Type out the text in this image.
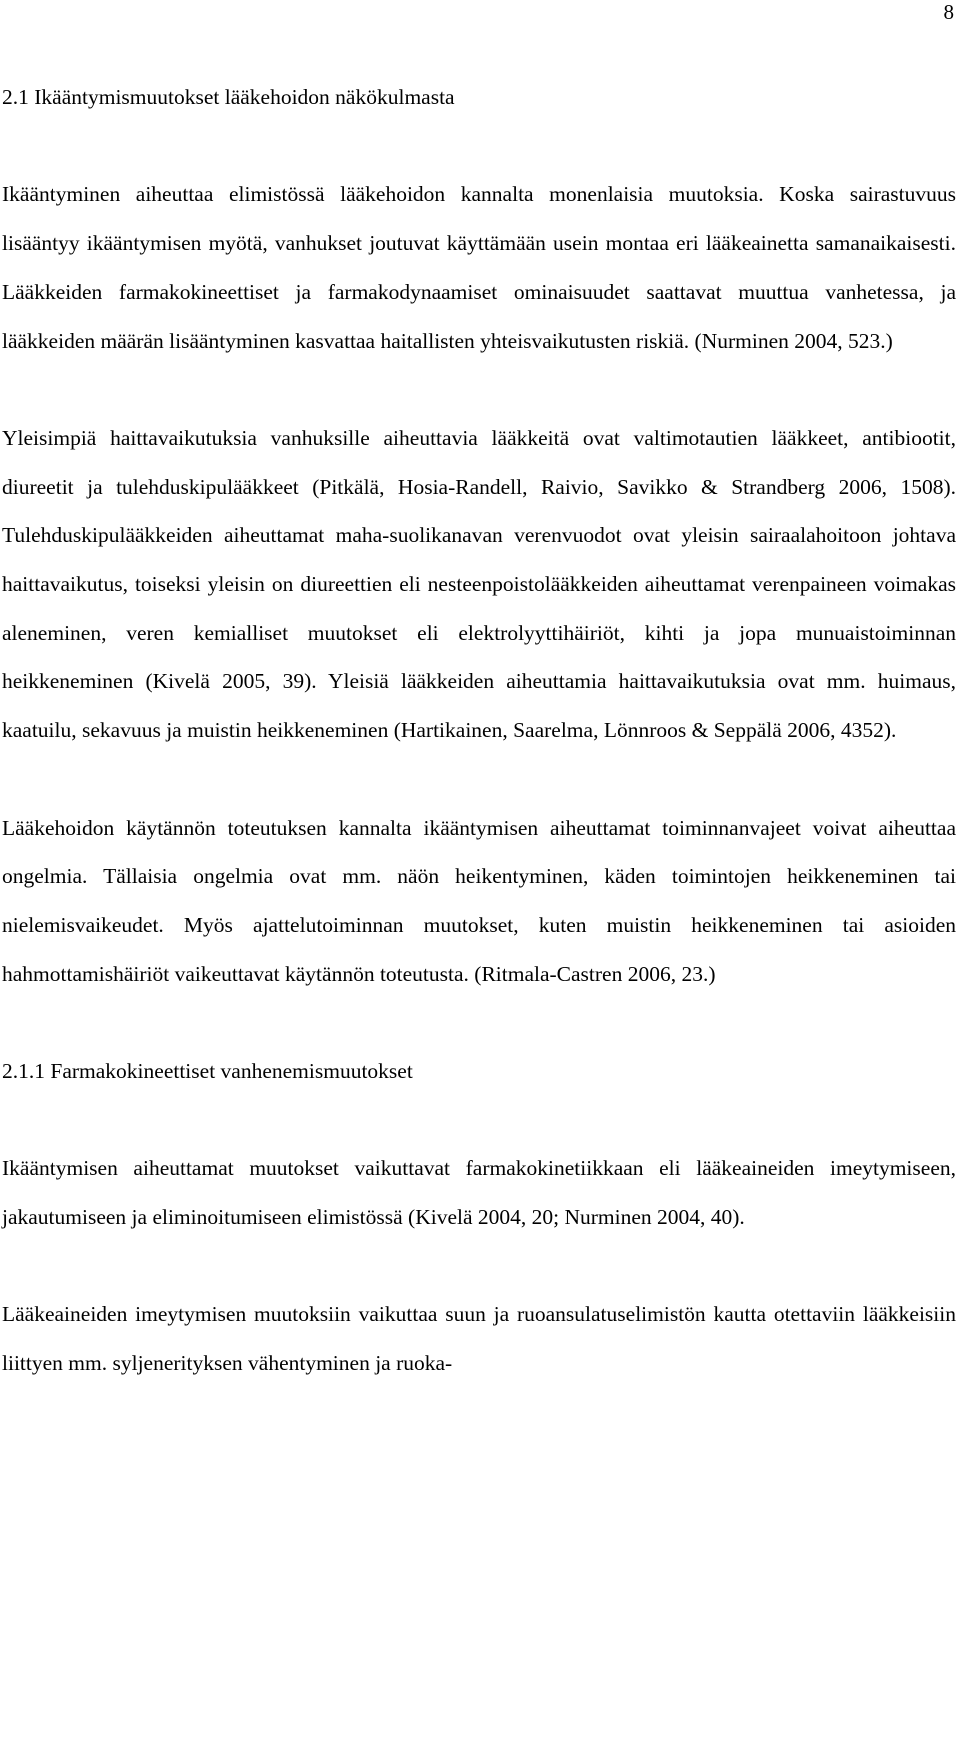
8
2.1 Ikääntymismuutokset lääkehoidon näkökulmasta

Ikääntyminen aiheuttaa elimistössä lääkehoidon kannalta monenlaisia muutoksia. Koska sairastuvuus lisääntyy ikääntymisen myötä, vanhukset joutuvat käyttämään usein montaa eri lääkeainetta samanaikaisesti. Lääkkeiden farmakokineettiset ja farmakodynaamiset ominaisuudet saattavat muuttua vanhetessa, ja lääkkeiden määrän lisääntyminen kasvattaa haitallisten yhteisvaikutusten riskiä. (Nurminen 2004, 523.)

Yleisimpiä haittavaikutuksia vanhuksille aiheuttavia lääkkeitä ovat valtimotautien lääkkeet, antibiootit, diureetit ja tulehduskipulääkkeet (Pitkälä, Hosia-Randell, Raivio, Savikko & Strandberg 2006, 1508). Tulehduskipulääkkeiden aiheuttamat maha-suolikanavan verenvuodot ovat yleisin sairaalahoitoon johtava haittavaikutus, toiseksi yleisin on diureettien eli nesteenpoistolääkkeiden aiheuttamat verenpaineen voimakas aleneminen, veren kemialliset muutokset eli elektrolyyttihäiriöt, kihti ja jopa munuaistoiminnan heikkeneminen (Kivelä 2005, 39). Yleisiä lääkkeiden aiheuttamia haittavaikutuksia ovat mm. huimaus, kaatuilu, sekavuus ja muistin heikkeneminen (Hartikainen, Saarelma, Lönnroos & Seppälä 2006, 4352).

Lääkehoidon käytännön toteutuksen kannalta ikääntymisen aiheuttamat toiminnanvajeet voivat aiheuttaa ongelmia. Tällaisia ongelmia ovat mm. näön heikentyminen, käden toimintojen heikkeneminen tai nielemisvaikeudet. Myös ajattelutoiminnan muutokset, kuten muistin heikkeneminen tai asioiden hahmottamishäiriöt vaikeuttavat käytännön toteutusta. (Ritmala-Castren 2006, 23.)

2.1.1 Farmakokineettiset vanhenemismuutokset

Ikääntymisen aiheuttamat muutokset vaikuttavat farmakokinetiikkaan eli lääkeaineiden imeytymiseen, jakautumiseen ja eliminoitumiseen elimistössä (Kivelä 2004, 20; Nurminen 2004, 40).

Lääkeaineiden imeytymisen muutoksiin vaikuttaa suun ja ruoansulatuselimistön kautta otettaviin lääkkeisiin liittyen mm. syljenerityksen vähentyminen ja ruoka-
